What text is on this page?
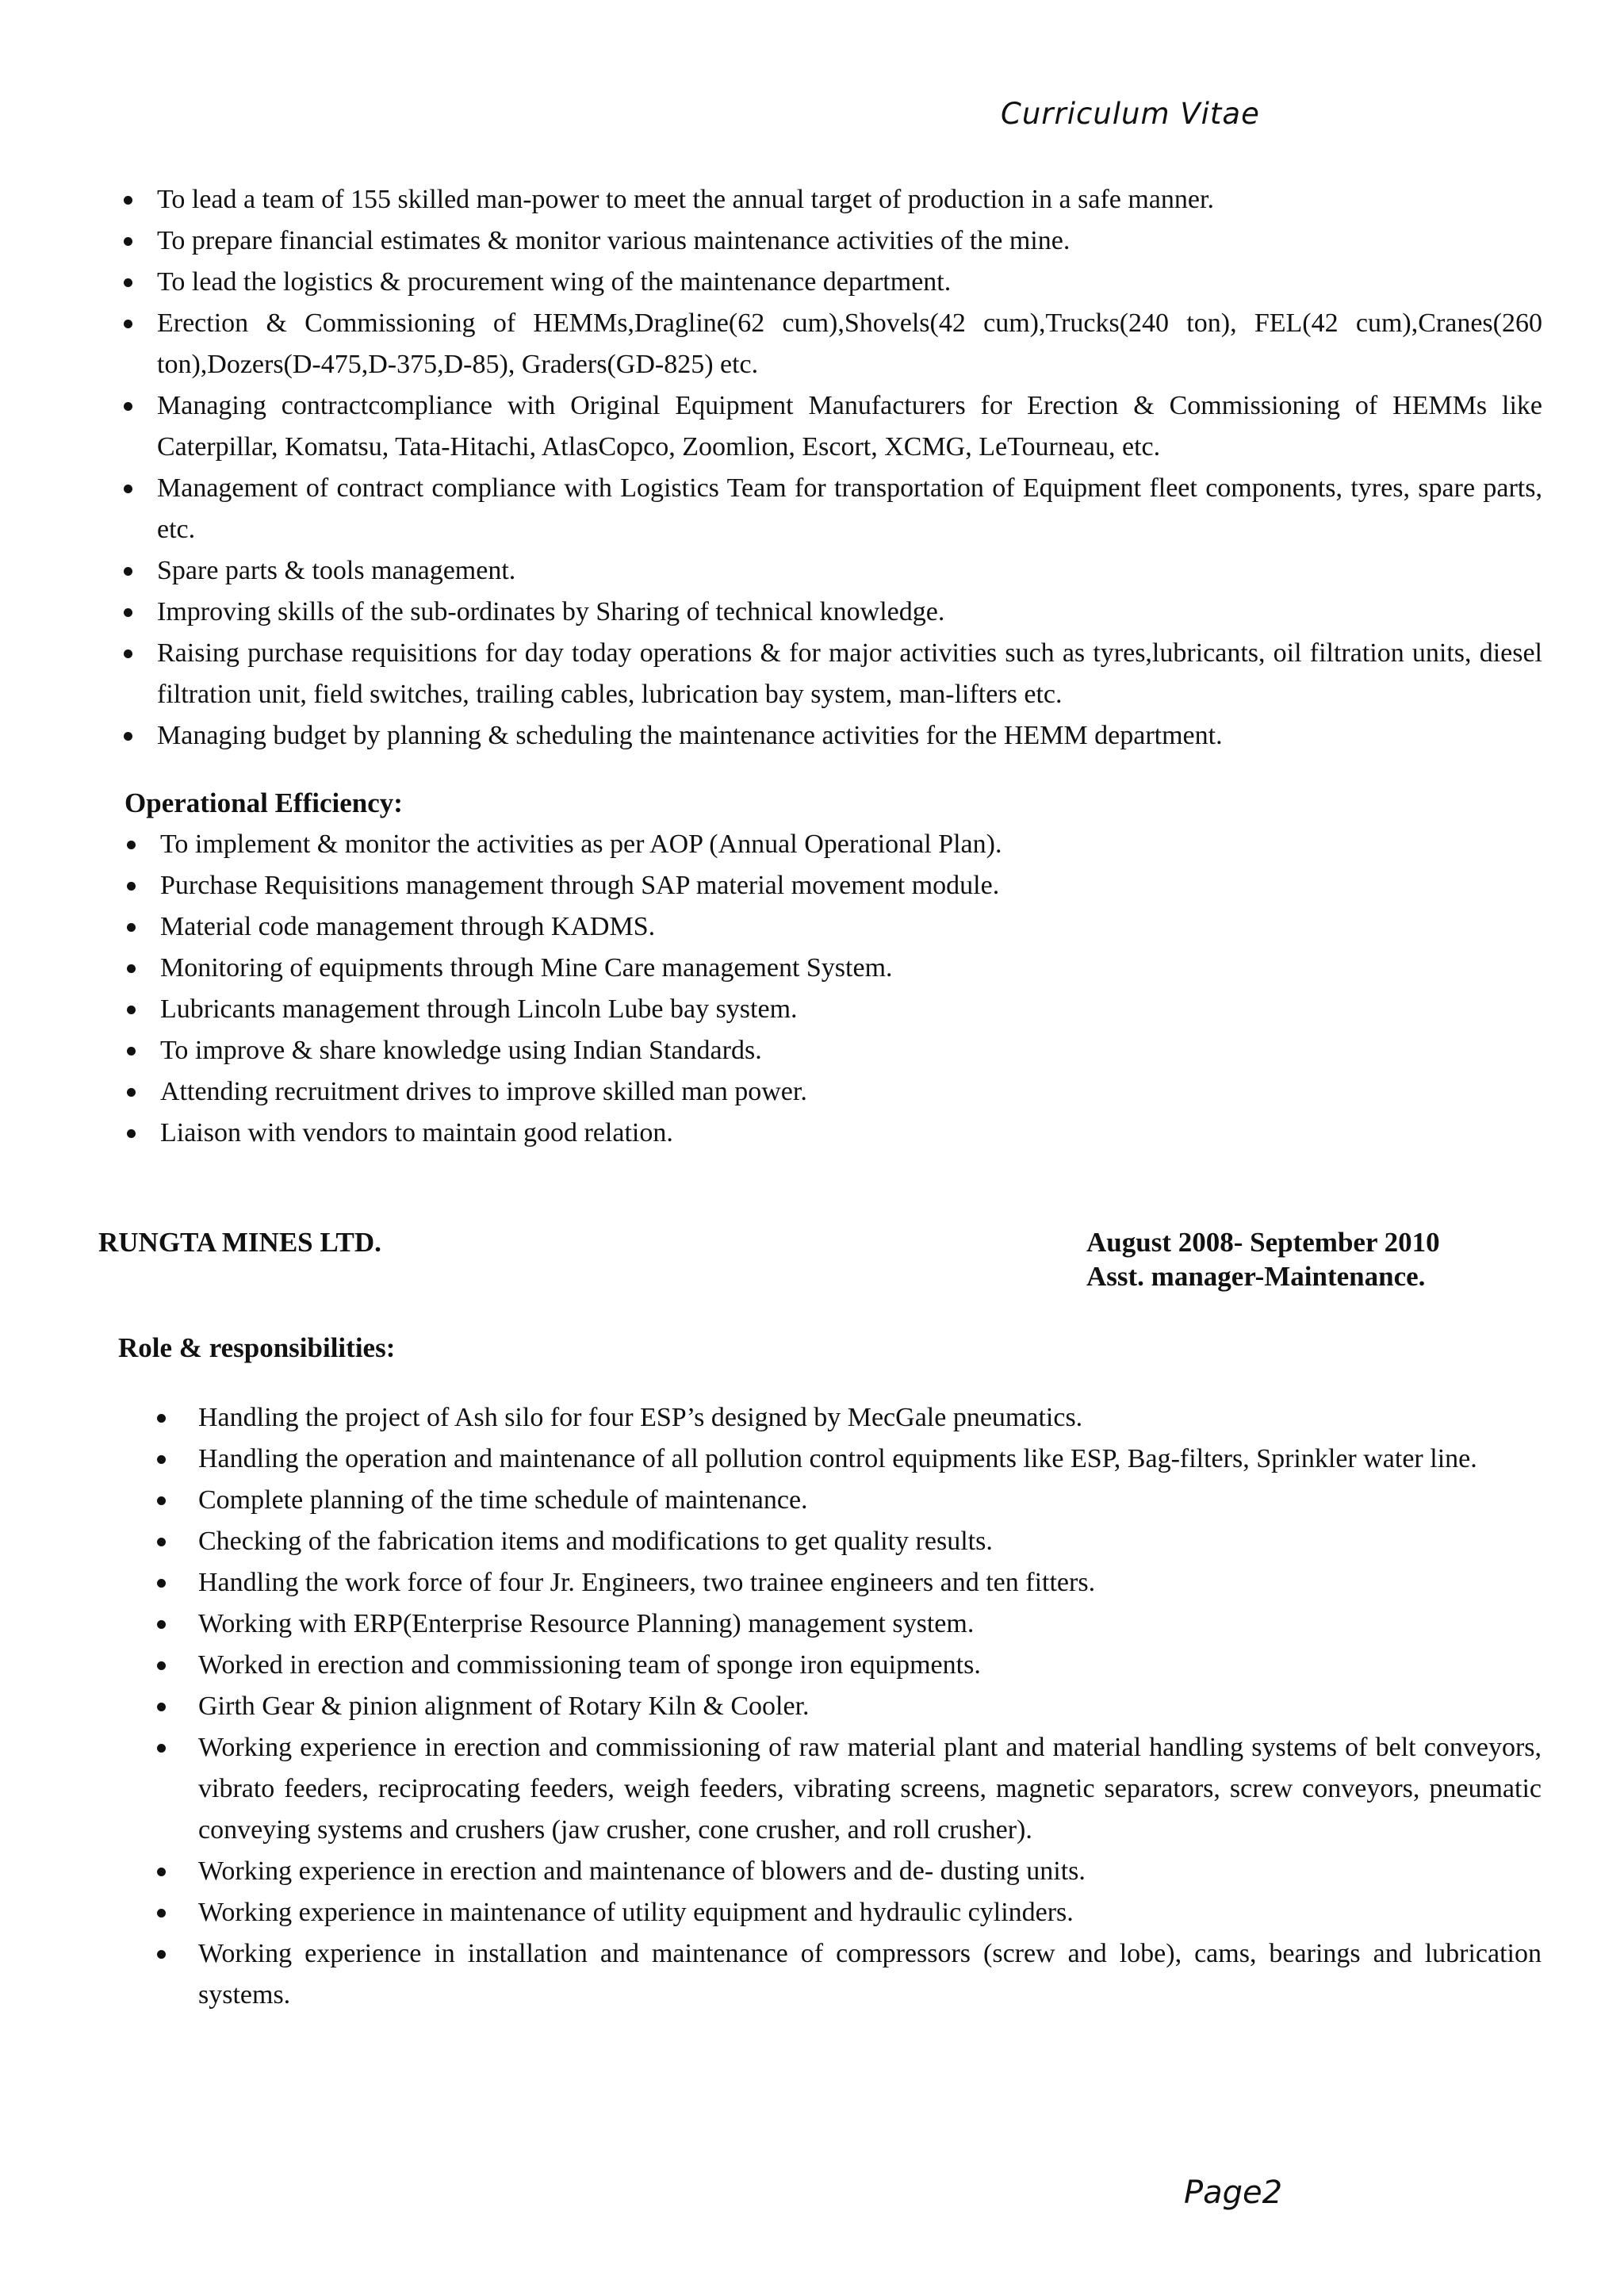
Curriculum Vitae
To lead a team of 155 skilled man-power to meet the annual target of production in a safe manner.
To prepare financial estimates & monitor various maintenance activities of the mine.
To lead the logistics & procurement wing of the maintenance department.
Erection & Commissioning of HEMMs,Dragline(62 cum),Shovels(42 cum),Trucks(240 ton), FEL(42 cum),Cranes(260 ton),Dozers(D-475,D-375,D-85), Graders(GD-825) etc.
Managing contractcompliance with Original Equipment Manufacturers for Erection & Commissioning of HEMMs like Caterpillar, Komatsu, Tata-Hitachi, AtlasCopco, Zoomlion, Escort, XCMG, LeTourneau, etc.
Management of contract compliance with Logistics Team for transportation of Equipment fleet components, tyres, spare parts, etc.
Spare parts & tools management.
Improving skills of the sub-ordinates by Sharing of technical knowledge.
Raising purchase requisitions for day today operations & for major activities such as tyres,lubricants, oil filtration units, diesel filtration unit, field switches, trailing cables, lubrication bay system, man-lifters etc.
Managing budget by planning & scheduling the maintenance activities for the HEMM department.
Operational Efficiency:
To implement & monitor the activities as per AOP (Annual Operational Plan).
Purchase Requisitions management through SAP material movement module.
Material code management through KADMS.
Monitoring of equipments through Mine Care management System.
Lubricants management through Lincoln Lube bay system.
To improve & share knowledge using Indian Standards.
Attending recruitment drives to improve skilled man power.
Liaison with vendors to maintain good relation.
RUNGTA MINES LTD.	August 2008- September 2010
Asst. manager-Maintenance.
Role & responsibilities:
Handling the project of Ash silo for four ESP’s designed by MecGale pneumatics.
Handling the operation and maintenance of all pollution control equipments like ESP, Bag-filters, Sprinkler water line.
Complete planning of the time schedule of maintenance.
Checking of the fabrication items and modifications to get quality results.
Handling the work force of four Jr. Engineers, two trainee engineers and ten fitters.
Working with ERP(Enterprise Resource Planning) management system.
Worked in erection and commissioning team of sponge iron equipments.
Girth Gear & pinion alignment of Rotary Kiln & Cooler.
Working experience in erection and commissioning of raw material plant and material handling systems of belt conveyors, vibrato feeders, reciprocating feeders, weigh feeders, vibrating screens, magnetic separators, screw conveyors, pneumatic conveying systems and crushers (jaw crusher, cone crusher, and roll crusher).
Working experience in erection and maintenance of blowers and de- dusting units.
Working experience in maintenance of utility equipment and hydraulic cylinders.
Working experience in installation and maintenance of compressors (screw and lobe), cams, bearings and lubrication systems.
Page2
